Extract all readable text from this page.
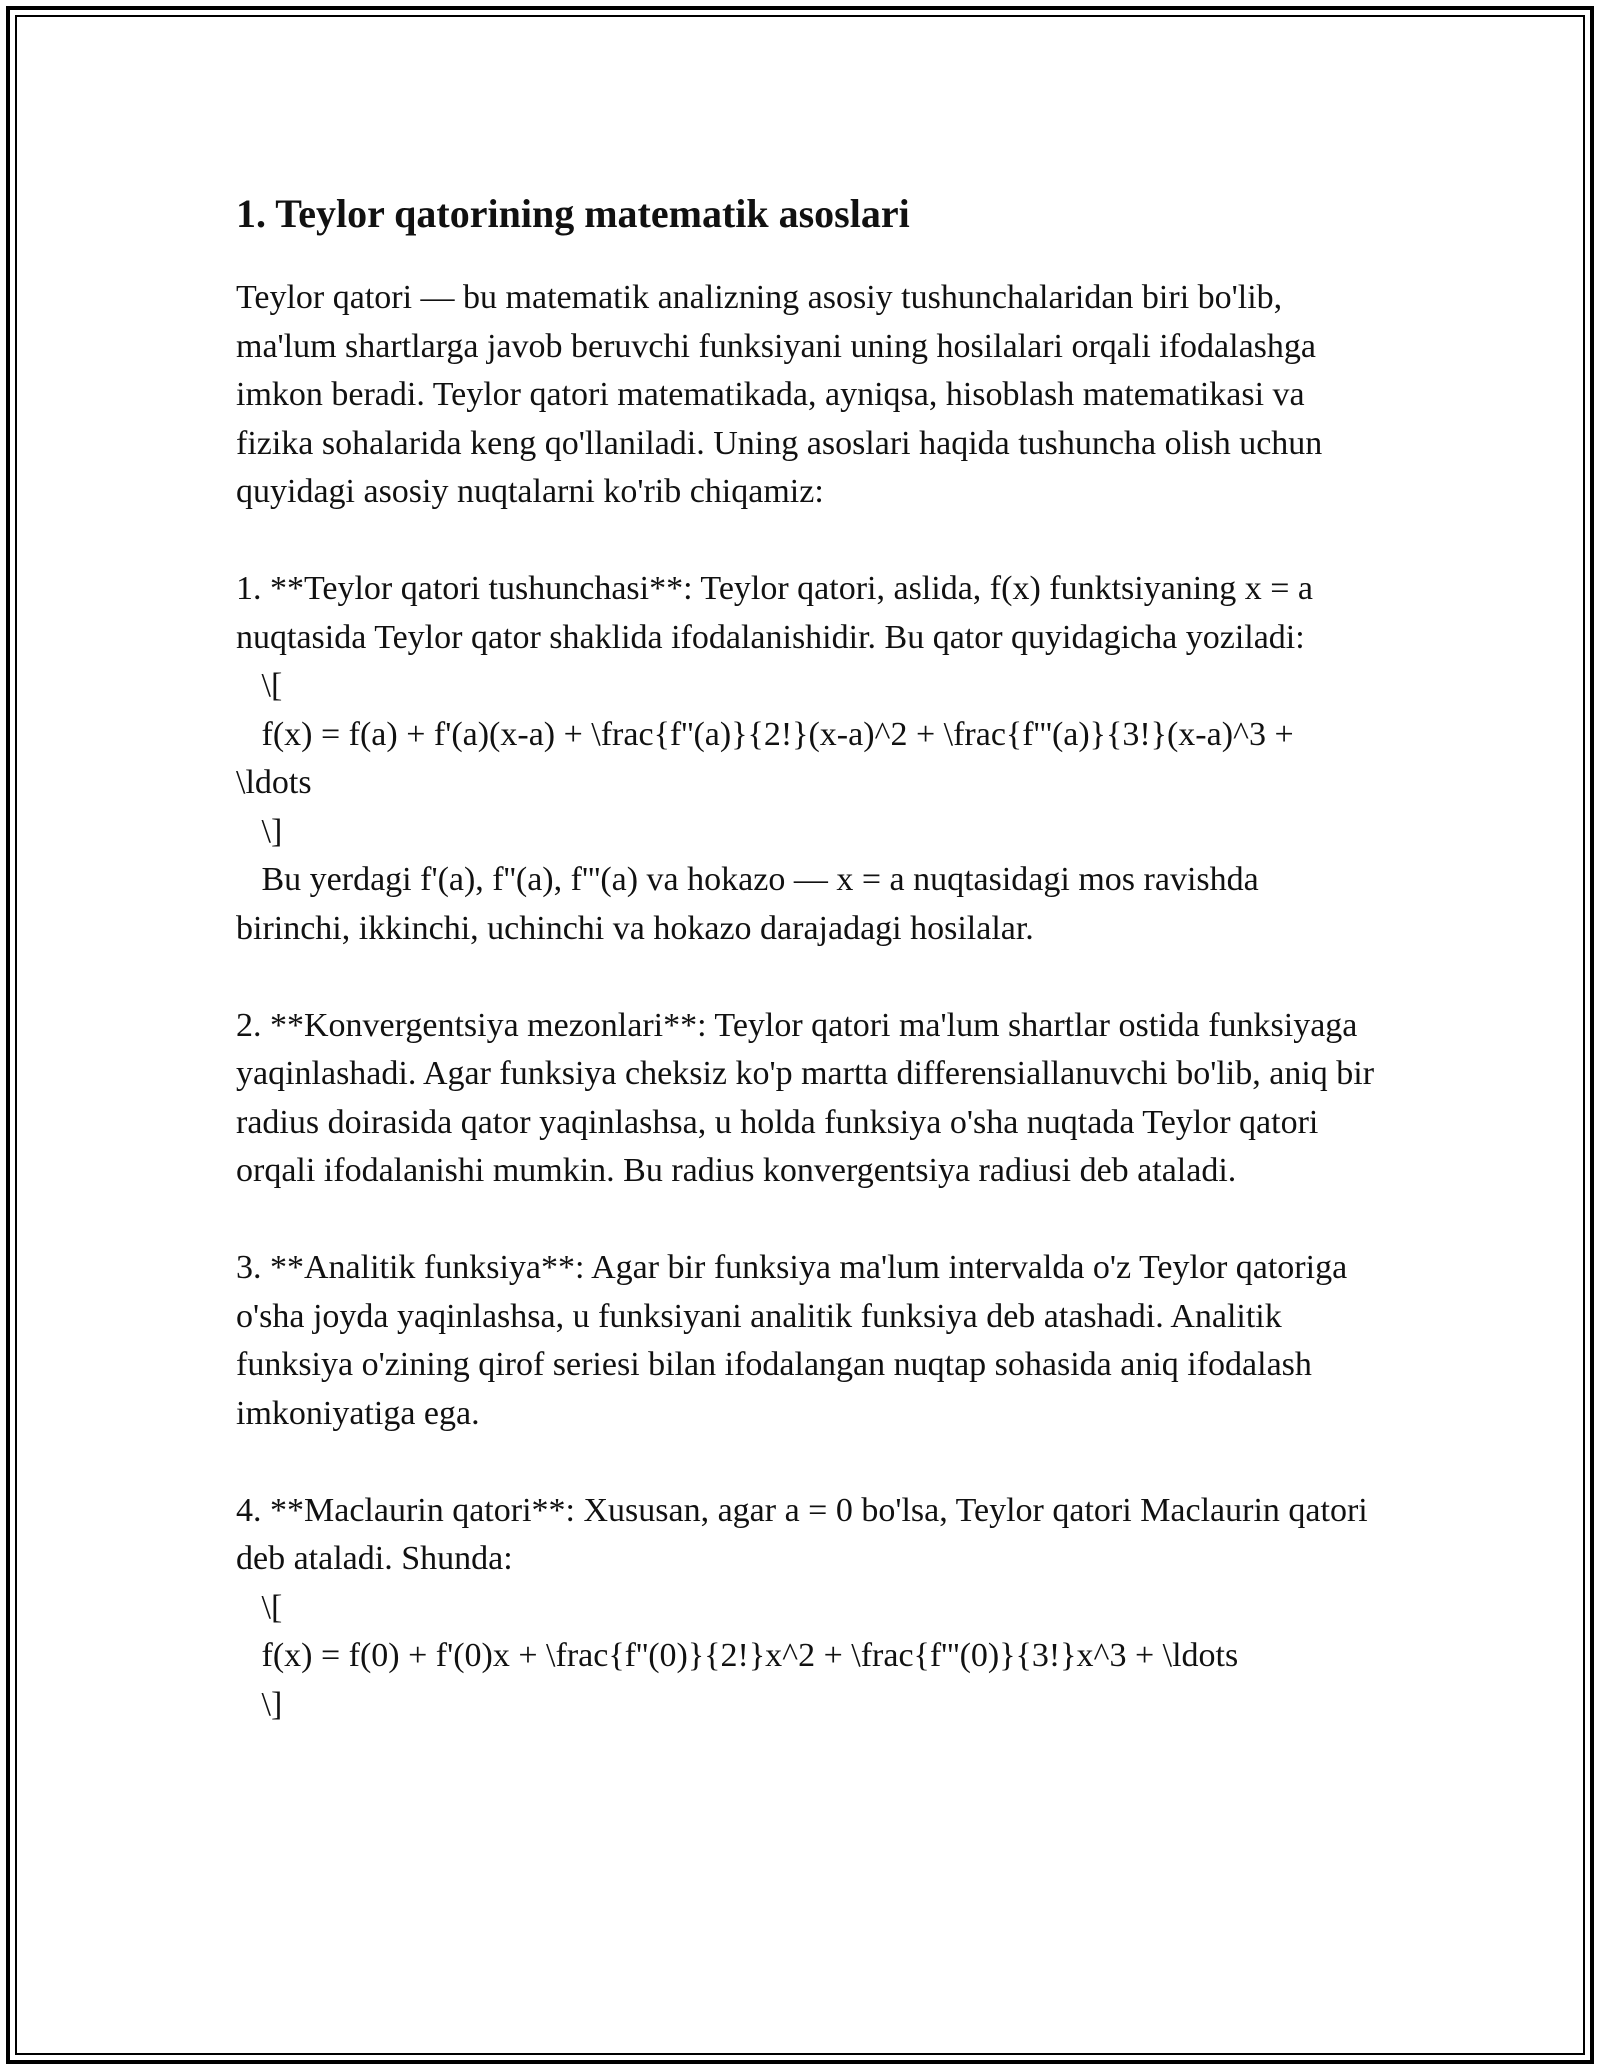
1. Teylor qatorining matematik asoslari

Teylor qatori — bu matematik analizning asosiy tushunchalaridan biri bo'lib, ma'lum shartlarga javob beruvchi funksiyani uning hosilalari orqali ifodalashga imkon beradi. Teylor qatori matematikada, ayniqsa, hisoblash matematikasi va fizika sohalarida keng qo'llaniladi. Uning asoslari haqida tushuncha olish uchun quyidagi asosiy nuqtalarni ko'rib chiqamiz:

1. **Teylor qatori tushunchasi**: Teylor qatori, aslida, f(x) funktsiyaning x = a nuqtasida Teylor qator shaklida ifodalanishidir. Bu qator quyidagicha yoziladi:
\[
f(x) = f(a) + f'(a)(x-a) + \frac{f''(a)}{2!}(x-a)^2 + \frac{f'''(a)}{3!}(x-a)^3 + \ldots
\]
Bu yerdagi f'(a), f''(a), f'''(a) va hokazo — x = a nuqtasidagi mos ravishda birinchi, ikkinchi, uchinchi va hokazo darajadagi hosilalar.

2. **Konvergentsiya mezonlari**: Teylor qatori ma'lum shartlar ostida funksiyaga yaqinlashadi. Agar funksiya cheksiz ko'p martta differensiallanuvchi bo'lib, aniq bir radius doirasida qator yaqinlashsa, u holda funksiya o'sha nuqtada Teylor qatori orqali ifodalanishi mumkin. Bu radius konvergentsiya radiusi deb ataladi.

3. **Analitik funksiya**: Agar bir funksiya ma'lum intervalda o'z Teylor qatoriga o'sha joyda yaqinlashsa, u funksiyani analitik funksiya deb atashadi. Analitik funksiya o'zining qirof seriesi bilan ifodalangan nuqtap sohasida aniq ifodalash imkoniyatiga ega.

4. **Maclaurin qatori**: Xususan, agar a = 0 bo'lsa, Teylor qatori Maclaurin qatori deb ataladi. Shunda:
\[
f(x) = f(0) + f'(0)x + \frac{f''(0)}{2!}x^2 + \frac{f'''(0)}{3!}x^3 + \ldots
\]
